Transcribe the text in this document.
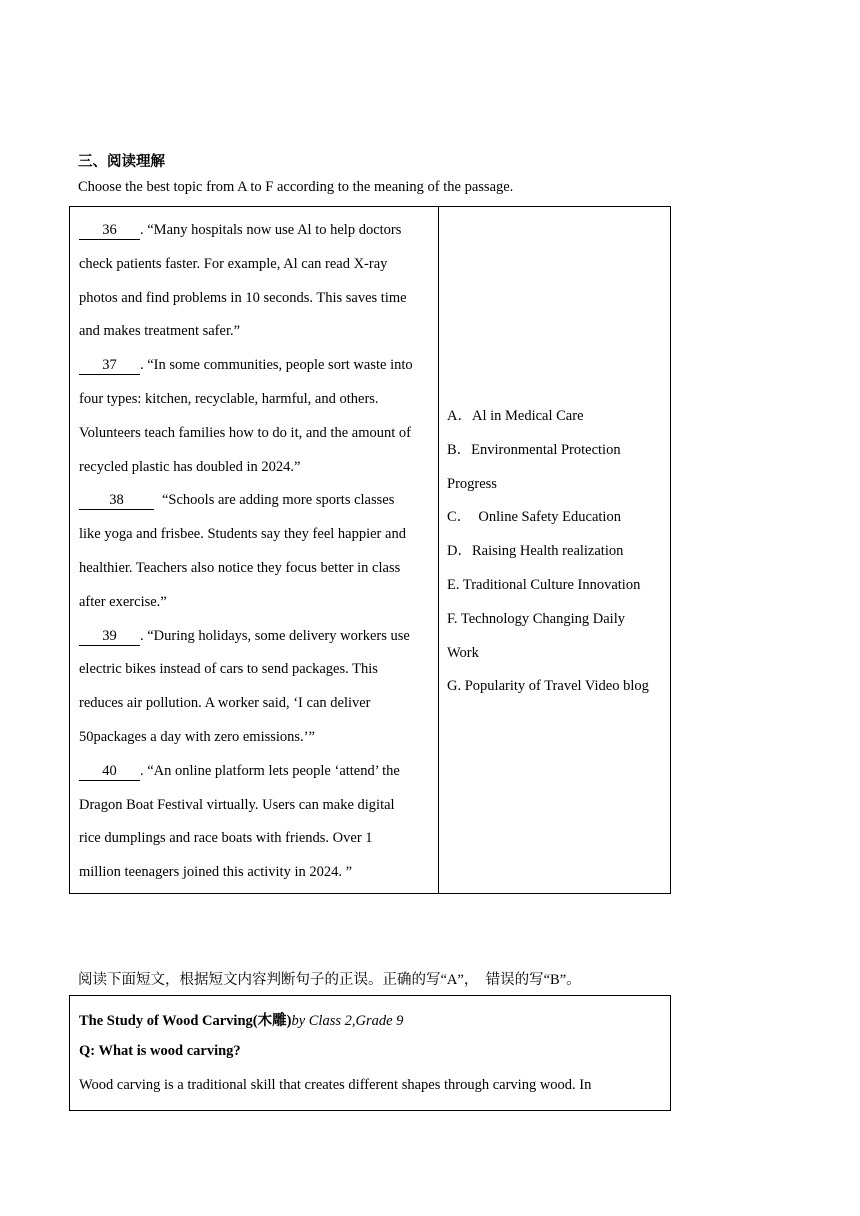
三、阅读理解
Choose the best topic from A to F according to the meaning of the passage.
36 . “Many hospitals now use Al to help doctors
check patients faster. For example, Al can read X-ray
photos and find problems in 10 seconds. This saves time
and makes treatment safer.”
37 . “In some communities, people sort waste into
four types: kitchen, recyclable, harmful, and others.
Volunteers teach families how to do it, and the amount of
recycled plastic has doubled in 2024.”
38	“Schools are adding more sports classes
like yoga and frisbee. Students say they feel happier and
healthier. Teachers also notice they focus better in class
after exercise.”
39 . “During holidays, some delivery workers use
electric bikes instead of cars to send packages. This
reduces air pollution. A worker said, ‘I can deliver
50packages a day with zero emissions.’”
40 . “An online platform lets people ‘attend’ the
Dragon Boat Festival virtually. Users can make digital
rice dumplings and race boats with friends. Over 1
million teenagers joined this activity in 2024. ”
A．Al in Medical Care
B．Environmental Protection
Progress
C．  Online Safety Education
D．Raising Health realization
E. Traditional Culture Innovation
F. Technology Changing Daily
Work
G. Popularity of Travel Video blog
阅读下面短文，根据短文内容判断句子的正误。正确的写“A”，  错误的写“B”。
The Study of Wood Carving(木雕)by Class 2,Grade 9
Q: What is wood carving?
Wood carving is a traditional skill that creates different shapes through carving wood. In
